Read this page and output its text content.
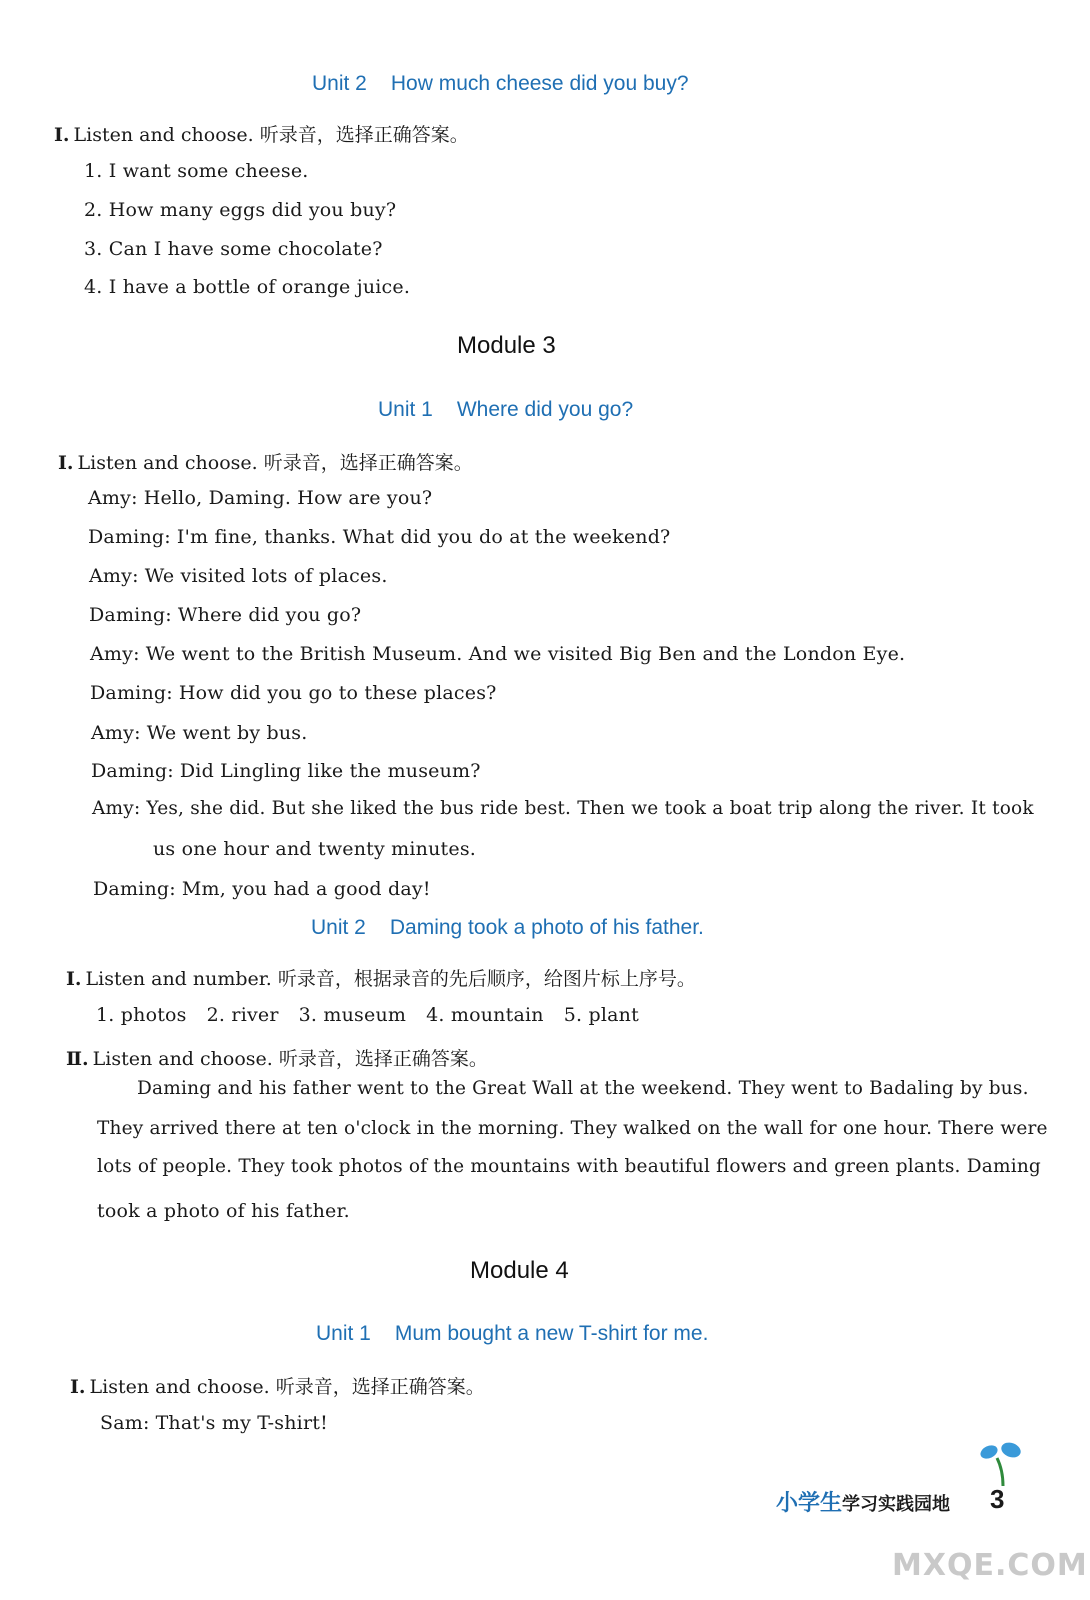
Unit 2 How much cheese did you buy?
Ⅰ. Listen and choose. 听录音，选择正确答案。
1. I want some cheese.
2. How many eggs did you buy?
3. Can I have some chocolate?
4. I have a bottle of orange juice.
Module 3
Unit 1 Where did you go?
Ⅰ. Listen and choose. 听录音，选择正确答案。
Amy: Hello, Daming. How are you?
Daming: I'm fine, thanks. What did you do at the weekend?
Amy: We visited lots of places.
Daming: Where did you go?
Amy: We went to the British Museum. And we visited Big Ben and the London Eye.
Daming: How did you go to these places?
Amy: We went by bus.
Daming: Did Lingling like the museum?
Amy: Yes, she did. But she liked the bus ride best. Then we took a boat trip along the river. It took
us one hour and twenty minutes.
Daming: Mm, you had a good day!
Unit 2 Daming took a photo of his father.
Ⅰ. Listen and number. 听录音，根据录音的先后顺序，给图片标上序号。
1. photos 2. river 3. museum 4. mountain 5. plant
Ⅱ. Listen and choose. 听录音，选择正确答案。
Daming and his father went to the Great Wall at the weekend. They went to Badaling by bus.
They arrived there at ten o'clock in the morning. They walked on the wall for one hour. There were
lots of people. They took photos of the mountains with beautiful flowers and green plants. Daming
took a photo of his father.
Module 4
Unit 1 Mum bought a new T-shirt for me.
Ⅰ. Listen and choose. 听录音，选择正确答案。
Sam: That's my T-shirt!
小学生学习实践园地 3
MXQE.COM
